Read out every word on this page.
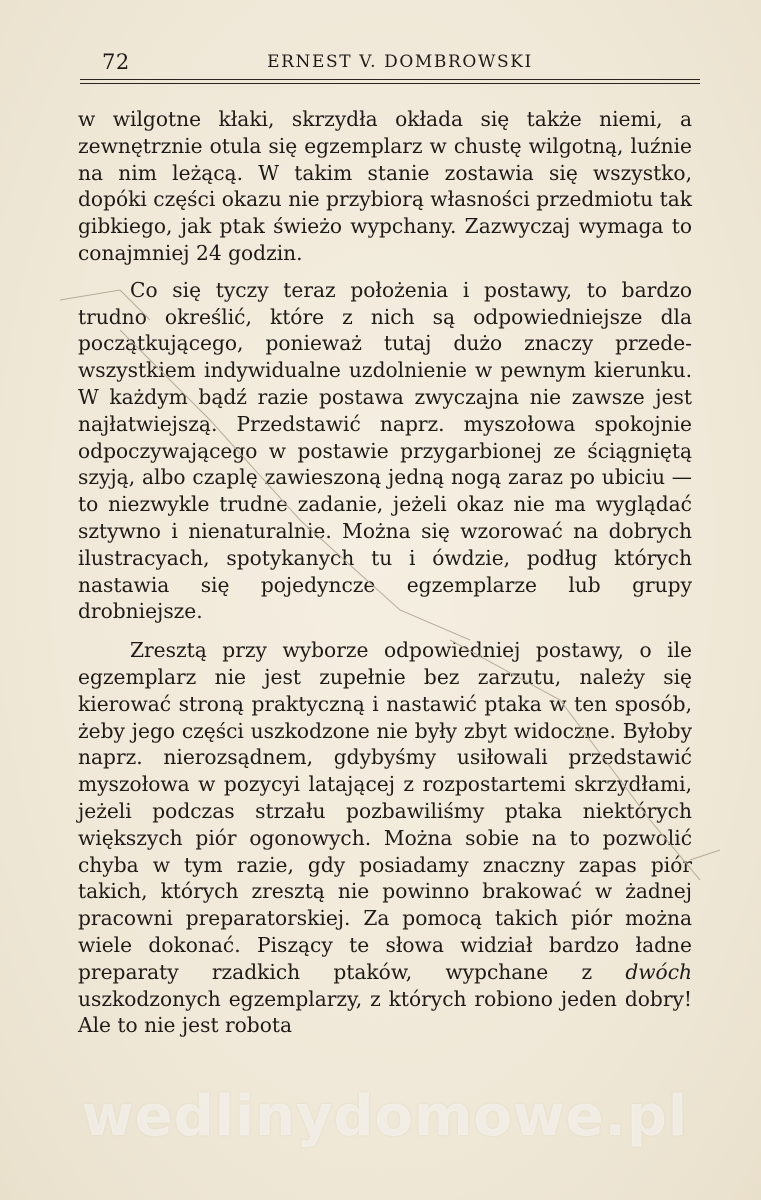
72	ERNEST V. DOMBROWSKI

w wilgotne kłaki, skrzydła okłada się także niemi, a zewnętrznie otula się egzemplarz w chustę wilgotną, luźnie na nim leżącą. W takim stanie zostawia się wszystko, dopóki części okazu nie przybiorą własności przedmiotu tak gibkiego, jak ptak świeżo wypchany. Zazwyczaj wymaga to conajmniej 24 godzin.

Co się tyczy teraz położenia i postawy, to bardzo trudno określić, które z nich są odpowiedniejsze dla początkującego, ponieważ tutaj dużo znaczy przedewszystkiem indywidualne uzdolnienie w pewnym kierunku. W każdym bądź razie postawa zwyczajna nie zawsze jest najłatwiejszą. Przedstawić naprz. myszołowa spokojnie odpoczywającego w postawie przygarbionej ze ściągniętą szyją, albo czaplę zawieszoną jedną nogą zaraz po ubiciu — to niezwykle trudne zadanie, jeżeli okaz nie ma wyglądać sztywno i nienaturalnie. Można się wzorować na dobrych ilustracyach, spotykanych tu i ówdzie, podług których nastawia się pojedyncze egzemplarze lub grupy drobniejsze.

Zresztą przy wyborze odpowiedniej postawy, o ile egzemplarz nie jest zupełnie bez zarzutu, należy się kierować stroną praktyczną i nastawić ptaka w ten sposób, żeby jego części uszkodzone nie były zbyt widoczne. Byłoby naprz. nierozsądnem, gdybyśmy usiłowali przedstawić myszołowa w pozycyi latającej z rozpostartemi skrzydłami, jeżeli podczas strzału pozbawiliśmy ptaka niektórych większych piór ogonowych. Można sobie na to pozwolić chyba w tym razie, gdy posiadamy znaczny zapas piór takich, których zresztą nie powinno brakować w żadnej pracowni preparatorskiej. Za pomocą takich piór można wiele dokonać. Piszący te słowa widział bardzo ładne preparaty rzadkich ptaków, wypchane z dwóch uszkodzonych egzemplarzy, z których robiono jeden dobry! Ale to nie jest robota

wedlinydomowe.pl
